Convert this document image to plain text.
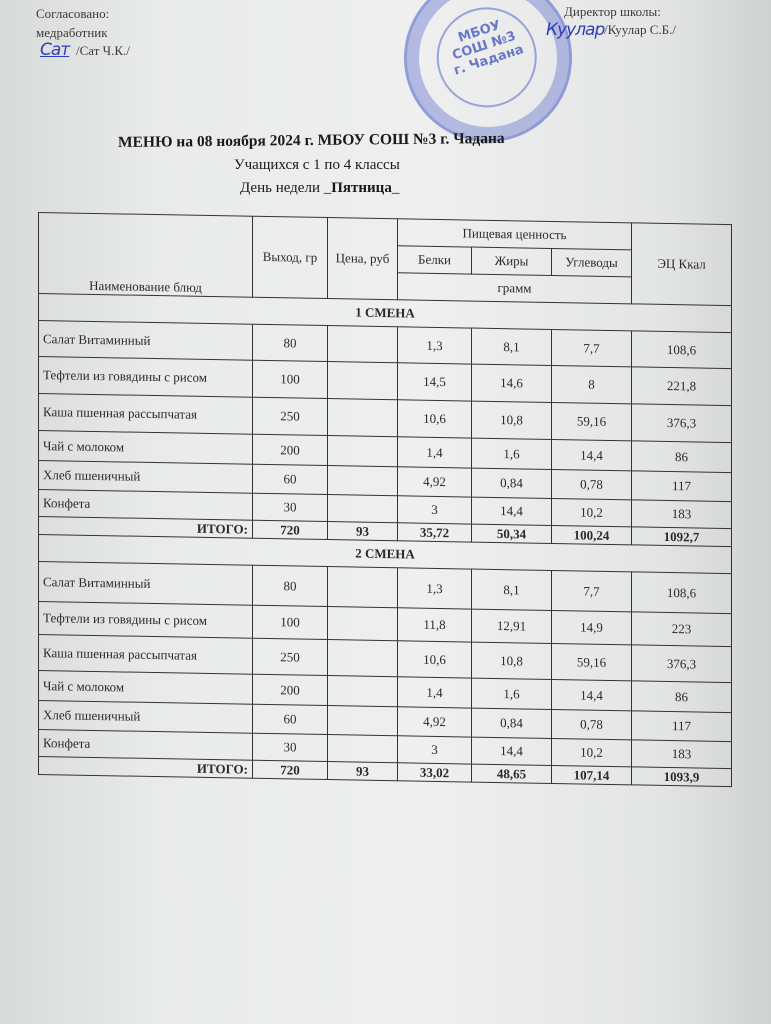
Согласовано:
медработник
Сат /Сат Ч.К./
МБОУ СОШ №3 г. Чадана
Директор школы:
Куулар /Куулар С.Б./
МЕНЮ на 08 ноября 2024 г. МБОУ СОШ №3 г. Чадана
Учащихся с 1 по 4 классы
День недели _Пятница_
Наименование блюд	Выход, гр	Цена, руб	Пищевая ценность			ЭЦ Ккал
			Белки	Жиры	Углеводы	
			грамм			
1 СМЕНА						
Салат Витаминный	80		1,3	8,1	7,7	108,6
Тефтели из говядины с рисом	100		14,5	14,6	8	221,8
Каша пшенная рассыпчатая	250		10,6	10,8	59,16	376,3
Чай с молоком	200		1,4	1,6	14,4	86
Хлеб пшеничный	60		4,92	0,84	0,78	117
Конфета	30		3	14,4	10,2	183
ИТОГО:	720	93	35,72	50,34	100,24	1092,7
2 СМЕНА						
Салат Витаминный	80		1,3	8,1	7,7	108,6
Тефтели из говядины с рисом	100		11,8	12,91	14,9	223
Каша пшенная рассыпчатая	250		10,6	10,8	59,16	376,3
Чай с молоком	200		1,4	1,6	14,4	86
Хлеб пшеничный	60		4,92	0,84	0,78	117
Конфета	30		3	14,4	10,2	183
ИТОГО:	720	93	33,02	48,65	107,14	1093,9
